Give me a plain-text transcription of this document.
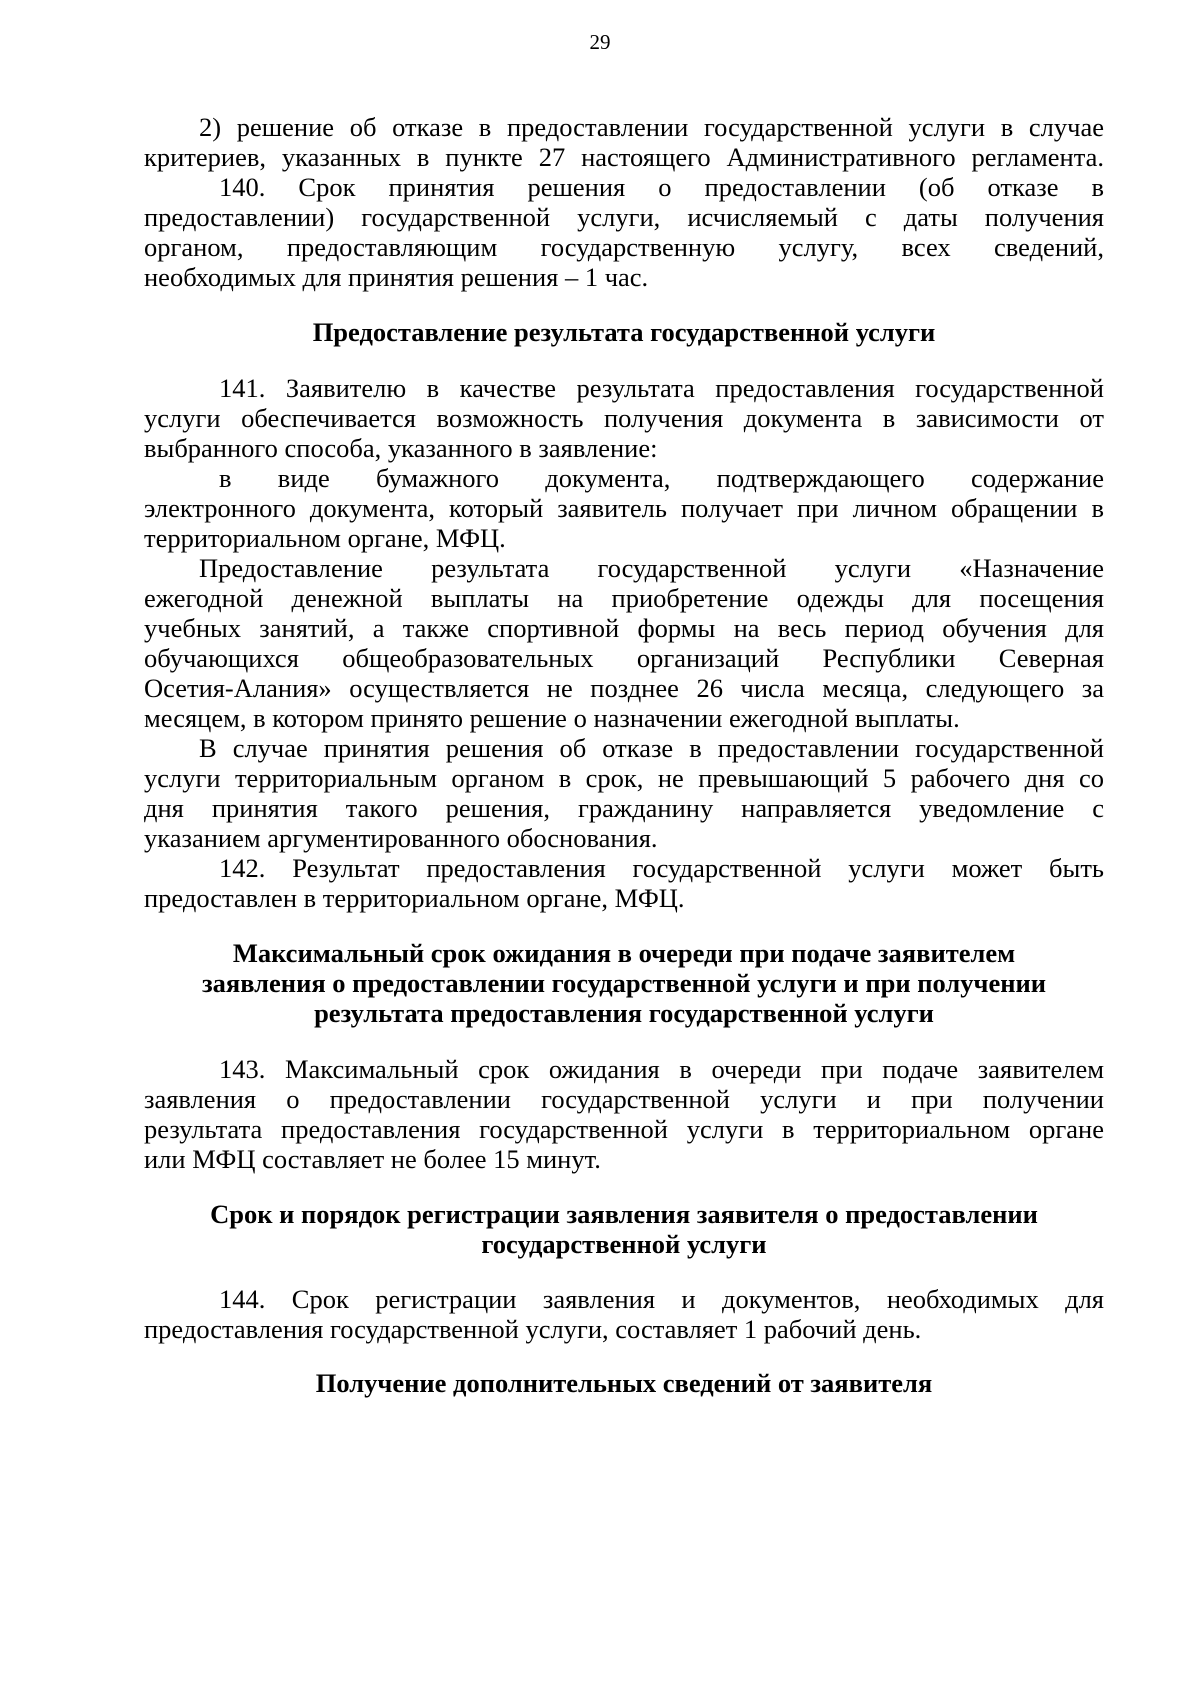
29
2) решение об отказе в предоставлении государственной услуги в случае
критериев, указанных в пункте 27 настоящего Административного регламента.
140. Срок принятия решения о предоставлении (об отказе в
предоставлении) государственной услуги, исчисляемый с даты получения
органом, предоставляющим государственную услугу, всех сведений,
необходимых для принятия решения – 1 час.
Предоставление результата государственной услуги
141. Заявителю в качестве результата предоставления государственной
услуги обеспечивается возможность получения документа в зависимости от
выбранного способа, указанного в заявление:
в виде бумажного документа, подтверждающего содержание
электронного документа, который заявитель получает при личном обращении в
территориальном органе, МФЦ.
Предоставление результата государственной услуги «Назначение
ежегодной денежной выплаты на приобретение одежды для посещения
учебных занятий, а также спортивной формы на весь период обучения для
обучающихся общеобразовательных организаций Республики Северная
Осетия-Алания» осуществляется не позднее 26 числа месяца, следующего за
месяцем, в котором принято решение о назначении ежегодной выплаты.
В случае принятия решения об отказе в предоставлении государственной
услуги территориальным органом в срок, не превышающий 5 рабочего дня со
дня принятия такого решения, гражданину направляется уведомление с
указанием аргументированного обоснования.
142. Результат предоставления государственной услуги может быть
предоставлен в территориальном органе, МФЦ.
Максимальный срок ожидания в очереди при подаче заявителем
заявления о предоставлении государственной услуги и при получении
результата предоставления государственной услуги
143. Максимальный срок ожидания в очереди при подаче заявителем
заявления о предоставлении государственной услуги и при получении
результата предоставления государственной услуги в территориальном органе
или МФЦ составляет не более 15 минут.
Срок и порядок регистрации заявления заявителя о предоставлении
государственной услуги
144. Срок регистрации заявления и документов, необходимых для
предоставления государственной услуги, составляет 1 рабочий день.
Получение дополнительных сведений от заявителя
